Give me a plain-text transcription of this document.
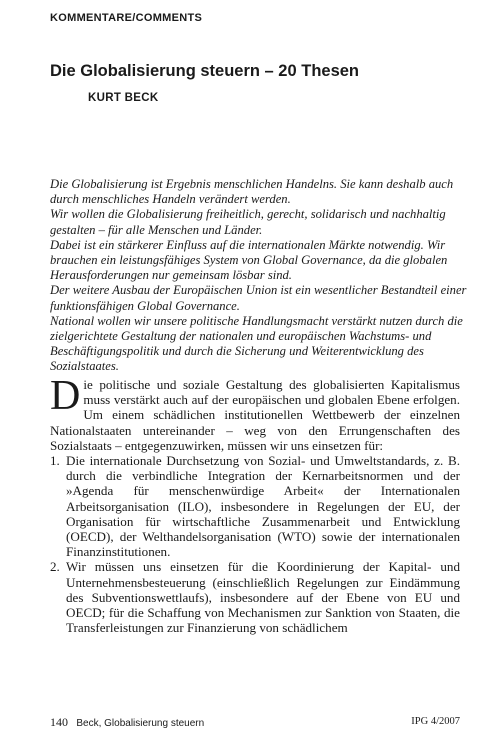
KOMMENTARE/COMMENTS
Die Globalisierung steuern – 20 Thesen
KURT BECK

Die Globalisierung ist Ergebnis menschlichen Handelns. Sie kann deshalb auch durch menschliches Handeln verändert werden.

Wir wollen die Globalisierung freiheitlich, gerecht, solidarisch und nachhaltig gestalten – für alle Menschen und Länder.

Dabei ist ein stärkerer Einfluss auf die internationalen Märkte notwendig. Wir brauchen ein leistungsfähiges System von Global Governance, da die globalen Herausforderungen nur gemeinsam lösbar sind.

Der weitere Ausbau der Europäischen Union ist ein wesentlicher Bestandteil einer funktionsfähigen Global Governance.

National wollen wir unsere politische Handlungsmacht verstärkt nutzen durch die zielgerichtete Gestaltung der nationalen und europäischen Wachstums- und Beschäftigungspolitik und durch die Sicherung und Weiterentwicklung des Sozialstaates.

Die politische und soziale Gestaltung des globalisierten Kapitalismus muss verstärkt auch auf der europäischen und globalen Ebene erfolgen. Um einem schädlichen institutionellen Wettbewerb der einzelnen Nationalstaaten untereinander – weg von den Errungenschaften des Sozialstaats – entgegenzuwirken, müssen wir uns einsetzen für:

1. Die internationale Durchsetzung von Sozial- und Umweltstandards, z. B. durch die verbindliche Integration der Kernarbeitsnormen und der »Agenda für menschenwürdige Arbeit« der Internationalen Arbeitsorganisation (ILO), insbesondere in Regelungen der EU, der Organisation für wirtschaftliche Zusammenarbeit und Entwicklung (OECD), der Welthandelsorganisation (WTO) sowie der internationalen Finanzinstitutionen.
2. Wir müssen uns einsetzen für die Koordinierung der Kapital- und Unternehmensbesteuerung (einschließlich Regelungen zur Eindämmung des Subventionswettlaufs), insbesondere auf der Ebene von EU und OECD; für die Schaffung von Mechanismen zur Sanktion von Staaten, die Transferleistungen zur Finanzierung von schädlichem
140 Beck, Globalisierung steuern	IPG 4/2007
